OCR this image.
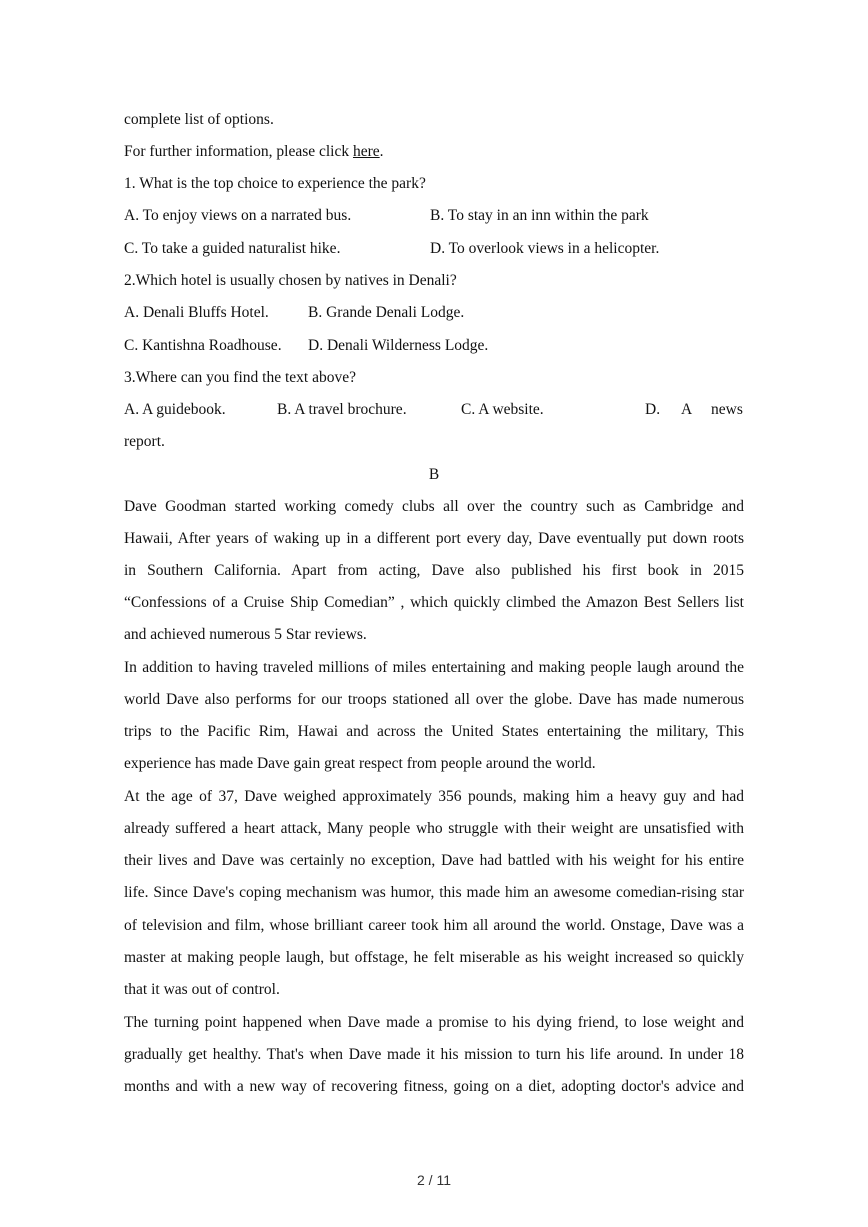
complete list of options.
For further information, please click here.
1. What is the top choice to experience the park?
A. To enjoy views on a narrated bus.	B. To stay in an inn within the park
C. To take a guided naturalist hike.	D. To overlook views in a helicopter.
2.Which hotel is usually chosen by natives in Denali?
A. Denali Bluffs Hotel.	B. Grande Denali Lodge.
C. Kantishna Roadhouse. D. Denali Wilderness Lodge.
3.Where can you find the text above?
A. A guidebook.	B. A travel brochure.	C. A website.	D. A news
report.
B
Dave Goodman started working comedy clubs all over the country such as Cambridge and
Hawaii, After years of waking up in a different port every day, Dave eventually put down roots
in Southern California. Apart from acting, Dave also published his first book in 2015
“Confessions of a Cruise Ship Comedian” , which quickly climbed the Amazon Best Sellers list
and achieved numerous 5 Star reviews.
In addition to having traveled millions of miles entertaining and making people laugh around the
world Dave also performs for our troops stationed all over the globe. Dave has made numerous
trips to the Pacific Rim, Hawai and across the United States entertaining the military, This
experience has made Dave gain great respect from people around the world.
At the age of 37, Dave weighed approximately 356 pounds, making him a heavy guy and had
already suffered a heart attack, Many people who struggle with their weight are unsatisfied with
their lives and Dave was certainly no exception, Dave had battled with his weight for his entire
life. Since Dave's coping mechanism was humor, this made him an awesome comedian-rising star
of television and film, whose brilliant career took him all around the world. Onstage, Dave was a
master at making people laugh, but offstage, he felt miserable as his weight increased so quickly
that it was out of control.
The turning point happened when Dave made a promise to his dying friend, to lose weight and
gradually get healthy. That's when Dave made it his mission to turn his life around. In under 18
months and with a new way of recovering fitness, going on a diet, adopting doctor's advice and
2 / 11
